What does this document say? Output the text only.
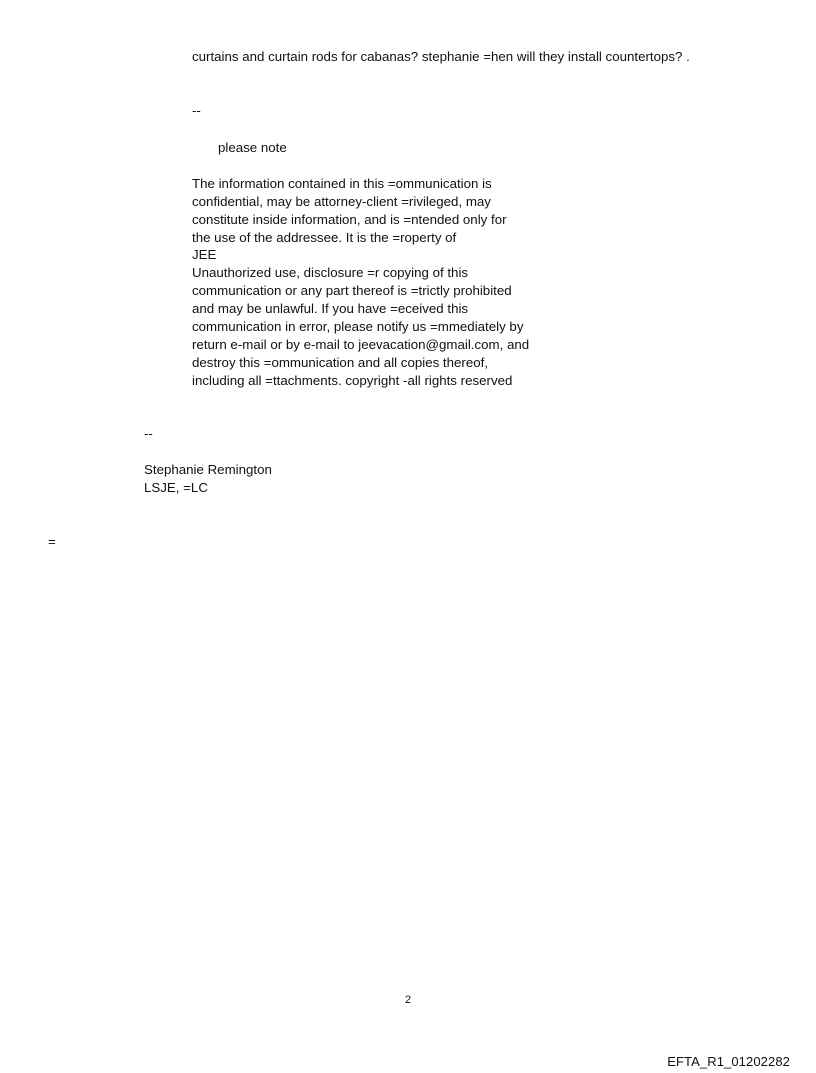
curtains and curtain rods for cabanas? stephanie =hen will they install countertops? .
--
please note
The information contained in this =ommunication is
confidential, may be attorney-client =rivileged, may
constitute inside information, and is =ntended only for
the use of the addressee. It is the =roperty of
JEE
Unauthorized use, disclosure =r copying of this
communication or any part thereof is =trictly prohibited
and may be unlawful. If you have =eceived this
communication in error, please notify us =mmediately by
return e-mail or by e-mail to jeevacation@gmail.com, and
destroy this =ommunication and all copies thereof,
including all =ttachments. copyright -all rights reserved
--
Stephanie Remington
LSJE, =LC
=
2
EFTA_R1_01202282
